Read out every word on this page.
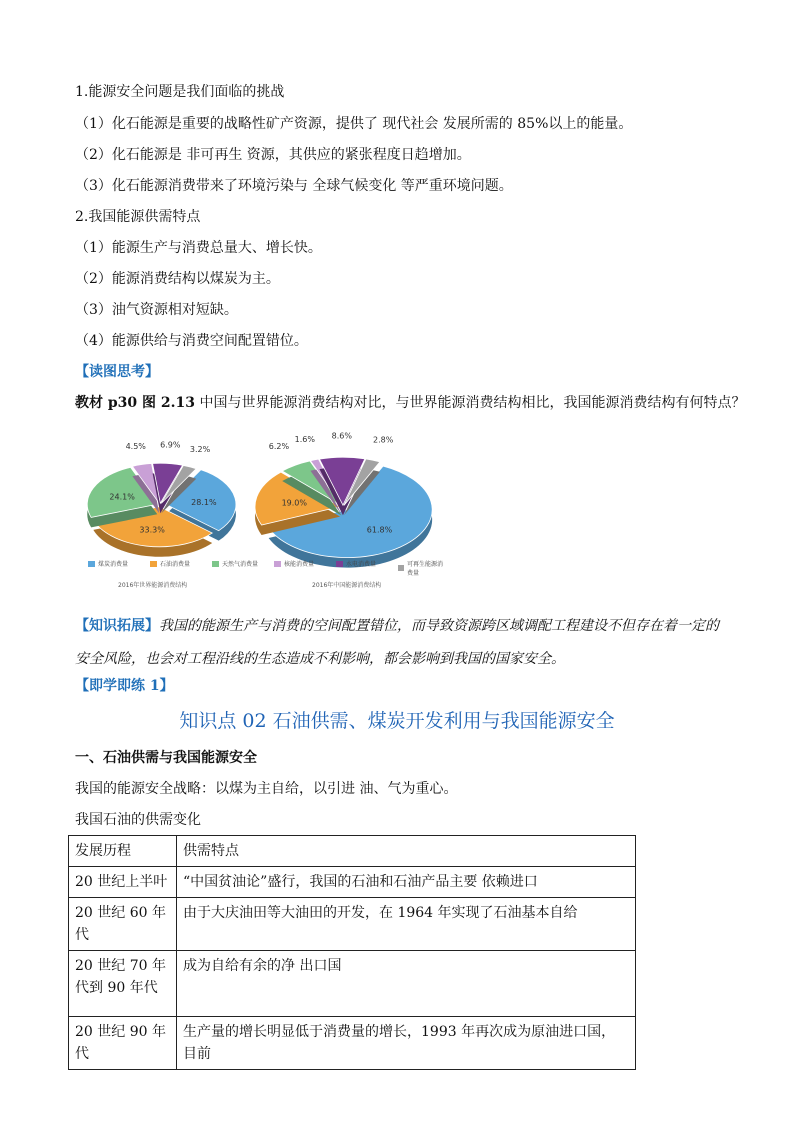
1.能源安全问题是我们面临的挑战
（1）化石能源是重要的战略性矿产资源，提供了 现代社会 发展所需的 85%以上的能量。
（2）化石能源是 非可再生 资源，其供应的紧张程度日趋增加。
（3）化石能源消费带来了环境污染与 全球气候变化 等严重环境问题。
2.我国能源供需特点
（1）能源生产与消费总量大、增长快。
（2）能源消费结构以煤炭为主。
（3）油气资源相对短缺。
（4）能源供给与消费空间配置错位。
【读图思考】
教材 p30 图 2.13 中国与世界能源消费结构对比，与世界能源消费结构相比，我国能源消费结构有何特点？
28.1%
33.3%
24.1%
4.5% 6.9%
3.2%
61.8%
19.0%
6.2%
1.6% 8.6%	2.8%
2016年世界能源消费结构	2016年中国能源消费结构
煤炭消费量	石油消费量	天然气消费量	核能消费量	水电消费量	可再生能源消费量
【知识拓展】我国的能源生产与消费的空间配置错位，而导致资源跨区域调配工程建设不但存在着一定的安全风险，也会对工程沿线的生态造成不利影响，都会影响到我国的国家安全。
【即学即练 1】
知识点 02 石油供需、煤炭开发利用与我国能源安全
一、石油供需与我国能源安全
我国的能源安全战略：以煤为主自给，以引进 油、气为重心。
我国石油的供需变化
发展历程	供需特点
20 世纪上半叶	“中国贫油论”盛行，我国的石油和石油产品主要 依赖进口
20 世纪 60 年代	由于大庆油田等大油田的开发，在 1964 年实现了石油基本自给
20 世纪 70 年代到 90 年代	成为自给有余的净 出口国
20 世纪 90 年代	生产量的增长明显低于消费量的增长，1993 年再次成为原油进口国，目前
